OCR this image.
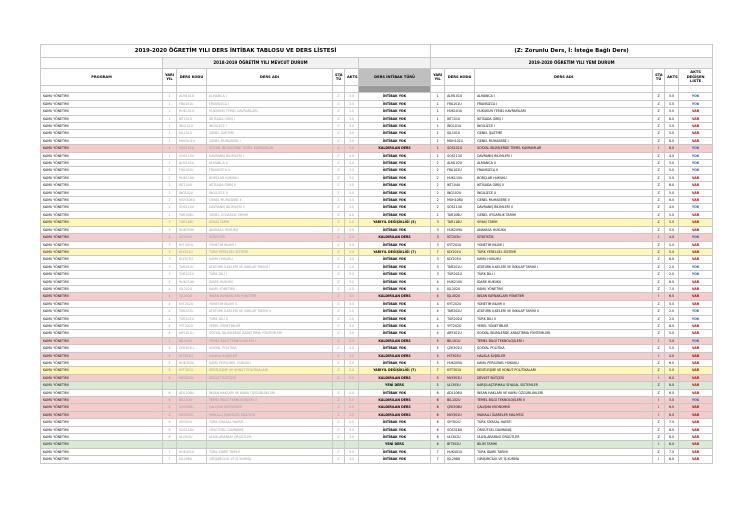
2019-2020 ÖĞRETİM YILI DERS İNTİBAK TABLOSU VE DERS LİSTESİ							(Z: Zorunlu Ders, İ: İsteğe Bağlı Ders)					
	2018-2019 ÖĞRETİM YILI MEVCUT DURUM						2019-2020 ÖĞRETİM YILI YENİ DURUM					
PROGRAM	YARI YIL	DERS KODU	DERS ADI	STA TÜ	AKTS	DERS İNTİBAK TÜRÜ	YARI YIL	DERS KODU	DERS ADI	STA TÜ	AKTS	AKTS DEĞİŞEN LİSTE

KAMU YÖNETİMİ	1	ALM101U	ALMANCA I	Z	3.0	İNTİBAK YOK	1	ALM101U	ALMANCA I	Z	5.0	YOK
KAMU YÖNETİMİ	1	FRA101U	FRANSIZCA I	Z	3.0	İNTİBAK YOK	1	FRA101U	FRANSIZCA I	Z	5.0	YOK
KAMU YÖNETİMİ	1	HUK101U	HUKUKUN TEMEL KAVRAMLARI	Z	3.0	İNTİBAK YOK	1	HUK101U	HUKUKUN TEMEL KAVRAMLARI	Z	5.0	VAR
KAMU YÖNETİMİ	1	İKT101U	İKTİSADA GİRİŞ I	Z	3.0	İNTİBAK YOK	1	İKT101U	İKTİSADA GİRİŞ I	Z	6.0	VAR
KAMU YÖNETİMİ	1	İNG101U	İNGİLİZCE I	Z	3.0	İNTİBAK YOK	1	İNG101U	İNGİLİZCE I	Z	5.0	VAR
KAMU YÖNETİMİ	1	İŞL101U	GENEL İŞLETME	Z	3.0	İNTİBAK YOK	1	İŞL101U	GENEL İŞLETME	Z	5.0	VAR
KAMU YÖNETİMİ	1	MUH101U	GENEL MUHASEBE I	Z	3.0	İNTİBAK YOK	1	MUH101U	GENEL MUHASEBE I	Z	6.0	VAR
KAMU YÖNETİMİ	1	SOS101U	SOSYAL BİLİMLERDE TEMEL KAVRAMLAR	Z	3.0	KALDIRILAN DERS	1	SOS101U	SOSYAL BİLİMLERDE TEMEL KAVRAMLAR	İ	6.0	YOK
KAMU YÖNETİMİ	1	SOS113U	DAVRANIŞ BİLİMLERİ I	Z	4.0	İNTİBAK YOK	1	SOS113U	DAVRANIŞ BİLİMLERİ I	Z	4.0	YOK
KAMU YÖNETİMİ	2	ALM102U	ALMANCA II	Z	3.0	İNTİBAK YOK	2	ALM102U	ALMANCA II	Z	5.0	YOK
KAMU YÖNETİMİ	2	FRA102U	FRANSIZCA II	Z	3.0	İNTİBAK YOK	2	FRA102U	FRANSIZCA II	Z	5.0	YOK
KAMU YÖNETİMİ	2	HUK110U	BORÇLAR HUKUKU	Z	3.0	İNTİBAK YOK	2	HUK110U	BORÇLAR HUKUKU	Z	5.0	VAR
KAMU YÖNETİMİ	2	İKT104U	İKTİSADA GİRİŞ II	Z	3.0	İNTİBAK YOK	2	İKT104U	İKTİSADA GİRİŞ II	Z	6.0	VAR
KAMU YÖNETİMİ	2	İNG102U	İNGİLİZCE II	Z	3.0	İNTİBAK YOK	2	İNG102U	İNGİLİZCE II	Z	5.0	VAR
KAMU YÖNETİMİ	2	MUH108U	GENEL MUHASEBE II	Z	3.0	İNTİBAK YOK	2	MUH108U	GENEL MUHASEBE II	Z	6.0	VAR
KAMU YÖNETİMİ	2	SOS114U	DAVRANIŞ BİLİMLERİ II	Z	4.0	İNTİBAK YOK	2	SOS114U	DAVRANIŞ BİLİMLERİ II	Z	4.0	YOK
KAMU YÖNETİMİ	2	TAR106U	GENEL UYGARLIK TARİHİ	Z	4.0	İNTİBAK YOK	2	TAR106U	GENEL UYGARLIK TARİHİ	Z	5.0	VAR
KAMU YÖNETİMİ	3	TAR118U	SİYASİ TARİH	Z	3.0	YARIYIL DEĞİŞİKLİĞİ (3)	3	TAR118U	SİYASİ TARİH	Z	5.0	VAR
KAMU YÖNETİMİ	3	HUK209U	ANAYASA HUKUKU	Z	3.0	İNTİBAK YOK	3	HUK209U	ANAYASA HUKUKU	Z	5.0	VAR
KAMU YÖNETİMİ	3	İST203U	İSTATİSTİK	Z	3.0	KALDIRILAN DERS	3	İST203U	İSTATİSTİK	İ	4.0	YOK
KAMU YÖNETİMİ	3	KYT201U	YÖNETİM BİLİMİ I	Z	3.0	İNTİBAK YOK	3	KYT201U	YÖNETİM BİLİMİ I	Z	5.0	VAR
KAMU YÖNETİMİ	3	KLY201U	TÜRK YERELSEL SİSTEMİ	Z	3.0	YARIYIL DEĞİŞİKLİĞİ (7)	7	KLY201U	TÜRK YERELSEL SİSTEMİ	Z	5.0	VAR
KAMU YÖNETİMİ	3	KLY203U	KAMU HUKUKU	Z	3.0	İNTİBAK YOK	3	KLY203U	KAMU HUKUKU	Z	6.0	VAR
KAMU YÖNETİMİ	3	TAR201U	ATATÜRK İLKELERİ VE İNKILAP TARİHİ I	Z	2.0	İNTİBAK YOK	3	TAR201U	ATATÜRK İLKELERİ VE İNKILAP TARİHİ I	Z	2.0	YOK
KAMU YÖNETİMİ	3	TÜR201U	TÜRK DİLİ I	Z	2.0	İNTİBAK YOK	3	TÜR201U	TÜRK DİLİ I	Z	2.0	YOK
KAMU YÖNETİMİ	4	HUK210U	İDARE HUKUKU	Z	3.0	İNTİBAK YOK	4	HUK210U	İDARE HUKUKU	Z	6.0	VAR
KAMU YÖNETİMİ	4	İŞL202U	KAMU YÖNETİMİ	Z	3.0	İNTİBAK YOK	4	İŞL202U	KAMU YÖNETİMİ	Z	7.0	VAR
KAMU YÖNETİMİ	4	İŞL402U	İNSAN KAYNAKLARI YÖNETİMİ	Z	3.0	KALDIRILAN DERS	4	İŞL402U	İNSAN KAYNAKLARI YÖNETİMİ	İ	6.0	VAR
KAMU YÖNETİMİ	4	KYT202U	YÖNETİM BİLİMİ II	Z	3.0	İNTİBAK YOK	4	KYT202U	YÖNETİM BİLİMİ II	Z	5.0	VAR
KAMU YÖNETİMİ	4	TAR202U	ATATÜRK İLKELERİ VE İNKILAP TARİHİ II	Z	2.0	İNTİBAK YOK	4	TAR202U	ATATÜRK İLKELERİ VE İNKILAP TARİHİ II	Z	2.0	YOK
KAMU YÖNETİMİ	4	TÜR202U	TÜRK DİLİ II	Z	2.0	İNTİBAK YOK	4	TÜR202U	TÜRK DİLİ II	Z	2.0	YOK
KAMU YÖNETİMİ	4	YYT202U	YEREL YÖNETİMLER	Z	3.0	İNTİBAK YOK	4	YYT202U	YEREL YÖNETİMLER	Z	6.0	VAR
KAMU YÖNETİMİ	4	ARY101U	SOSYAL BİLİMLERDE ARAŞTIRMA YÖNTEMLERİ	Z	3.0	İNTİBAK YOK	4	ARY101U	SOSYAL BİLİMLERDE ARAŞTIRMA YÖNTEMLERİ	Z	5.0	VAR
KAMU YÖNETİMİ	5	BİL101U	TEMEL BİLGİ TEKNOLOJİLERİ I	Z	3.0	KALDIRILAN DERS	5	BİL101U	TEMEL BİLGİ TEKNOLOJİLERİ I	İ	3.0	YOK
KAMU YÖNETİMİ	5	ÇEK301U	SOSYAL POLİTİKA	Z	3.0	İNTİBAK YOK	5	ÇEK301U	SOSYAL POLİTİKA	Z	5.0	VAR
KAMU YÖNETİMİ	5	HİT303U	HALKLA İLİŞKİLER	Z	3.0	KALDIRILAN DERS	5	HİT303U	HALKLA İLİŞKİLER	İ	4.0	VAR
KAMU YÖNETİMİ	5	HUK305U	KAMU PERSONEL HUKUKU	Z	3.0	İNTİBAK YOK	5	HUK305U	KAMU PERSONEL HUKUKU	Z	6.0	VAR
KAMU YÖNETİMİ	5	KYT301U	KENTLEŞME VE KONUT POLİTİKALARI	Z	3.0	YARIYIL DEĞİŞİKLİĞİ (7)	7	KYT301U	KENTLEŞME VE KONUT POLİTİKALARI	Z	5.0	VAR
KAMU YÖNETİMİ	5	MLY303U	DEVLET BÜTÇESİ	Z	3.0	KALDIRILAN DERS	5	MLY303U	DEVLET BÜTÇESİ	İ	6.0	VAR
KAMU YÖNETİMİ						YENİ DERS	5	ULİ305U	KARŞILAŞTIRMALI SİYASAL SİSTEMLER	Z	6.0	VAR
KAMU YÖNETİMİ	6	ADL106U	İNSAN HAKLARI VE KAMU ÖZGÜRLÜKLERİ	Z	4.0	İNTİBAK YOK	6	ADL106U	İNSAN HAKLARI VE KAMU ÖZGÜRLÜKLERİ	Z	6.0	VAR
KAMU YÖNETİMİ	6	BİL102U	TEMEL BİLGİ TEKNOLOJİLERİ II	Z	3.0	KALDIRILAN DERS	6	BİL102U	TEMEL BİLGİ TEKNOLOJİLERİ II	İ	3.0	YOK
KAMU YÖNETİMİ	6	ÇEK308U	ÇALIŞMA EKONOMİSİ	Z	3.0	KALDIRILAN DERS	6	ÇEK308U	ÇALIŞMA EKONOMİSİ	İ	6.0	VAR
KAMU YÖNETİMİ	6	MLY302U	MAHALLİ İDARELER MALİYESİ	Z	3.0	KALDIRILAN DERS	6	MLY302U	MAHALLİ İDARELER MALİYESİ	İ	6.0	VAR
KAMU YÖNETİMİ	6	SİY302U	TÜRK SİYASAL HAYATI	Z	3.0	İNTİBAK YOK	6	SİY302U	TÜRK SİYASAL HAYATI	Z	7.0	VAR
KAMU YÖNETİMİ	6	SOS318U	ÖRGÜTSEL DAVRANIŞ	Z	3.0	İNTİBAK YOK	6	SOS318U	ÖRGÜTSEL DAVRANIŞ	Z	6.0	VAR
KAMU YÖNETİMİ	6	ULİ302U	ULUSLARARASI ÖRGÜTLER	Z	3.0	İNTİBAK YOK	6	ULİ302U	ULUSLARARASI ÖRGÜTLER	Z	6.0	VAR
KAMU YÖNETİMİ						YENİ DERS	6	BİT302U	BİLİM TARİHİ	İ	6.0	VAR
KAMU YÖNETİMİ	7	HUK401U	TÜRK İDARE TARİHİ	Z	3.0	İNTİBAK YOK	7	HUK401U	TÜRK İDARE TARİHİ	Z	7.0	VAR
KAMU YÖNETİMİ	7	İŞL298U	GİRİŞİMCİLİK VE İŞ KURMA	Z	3.0	İNTİBAK YOK	7	İŞL298U	GİRİŞİMCİLİK VE İŞ KURMA	İ	6.0	VAR
